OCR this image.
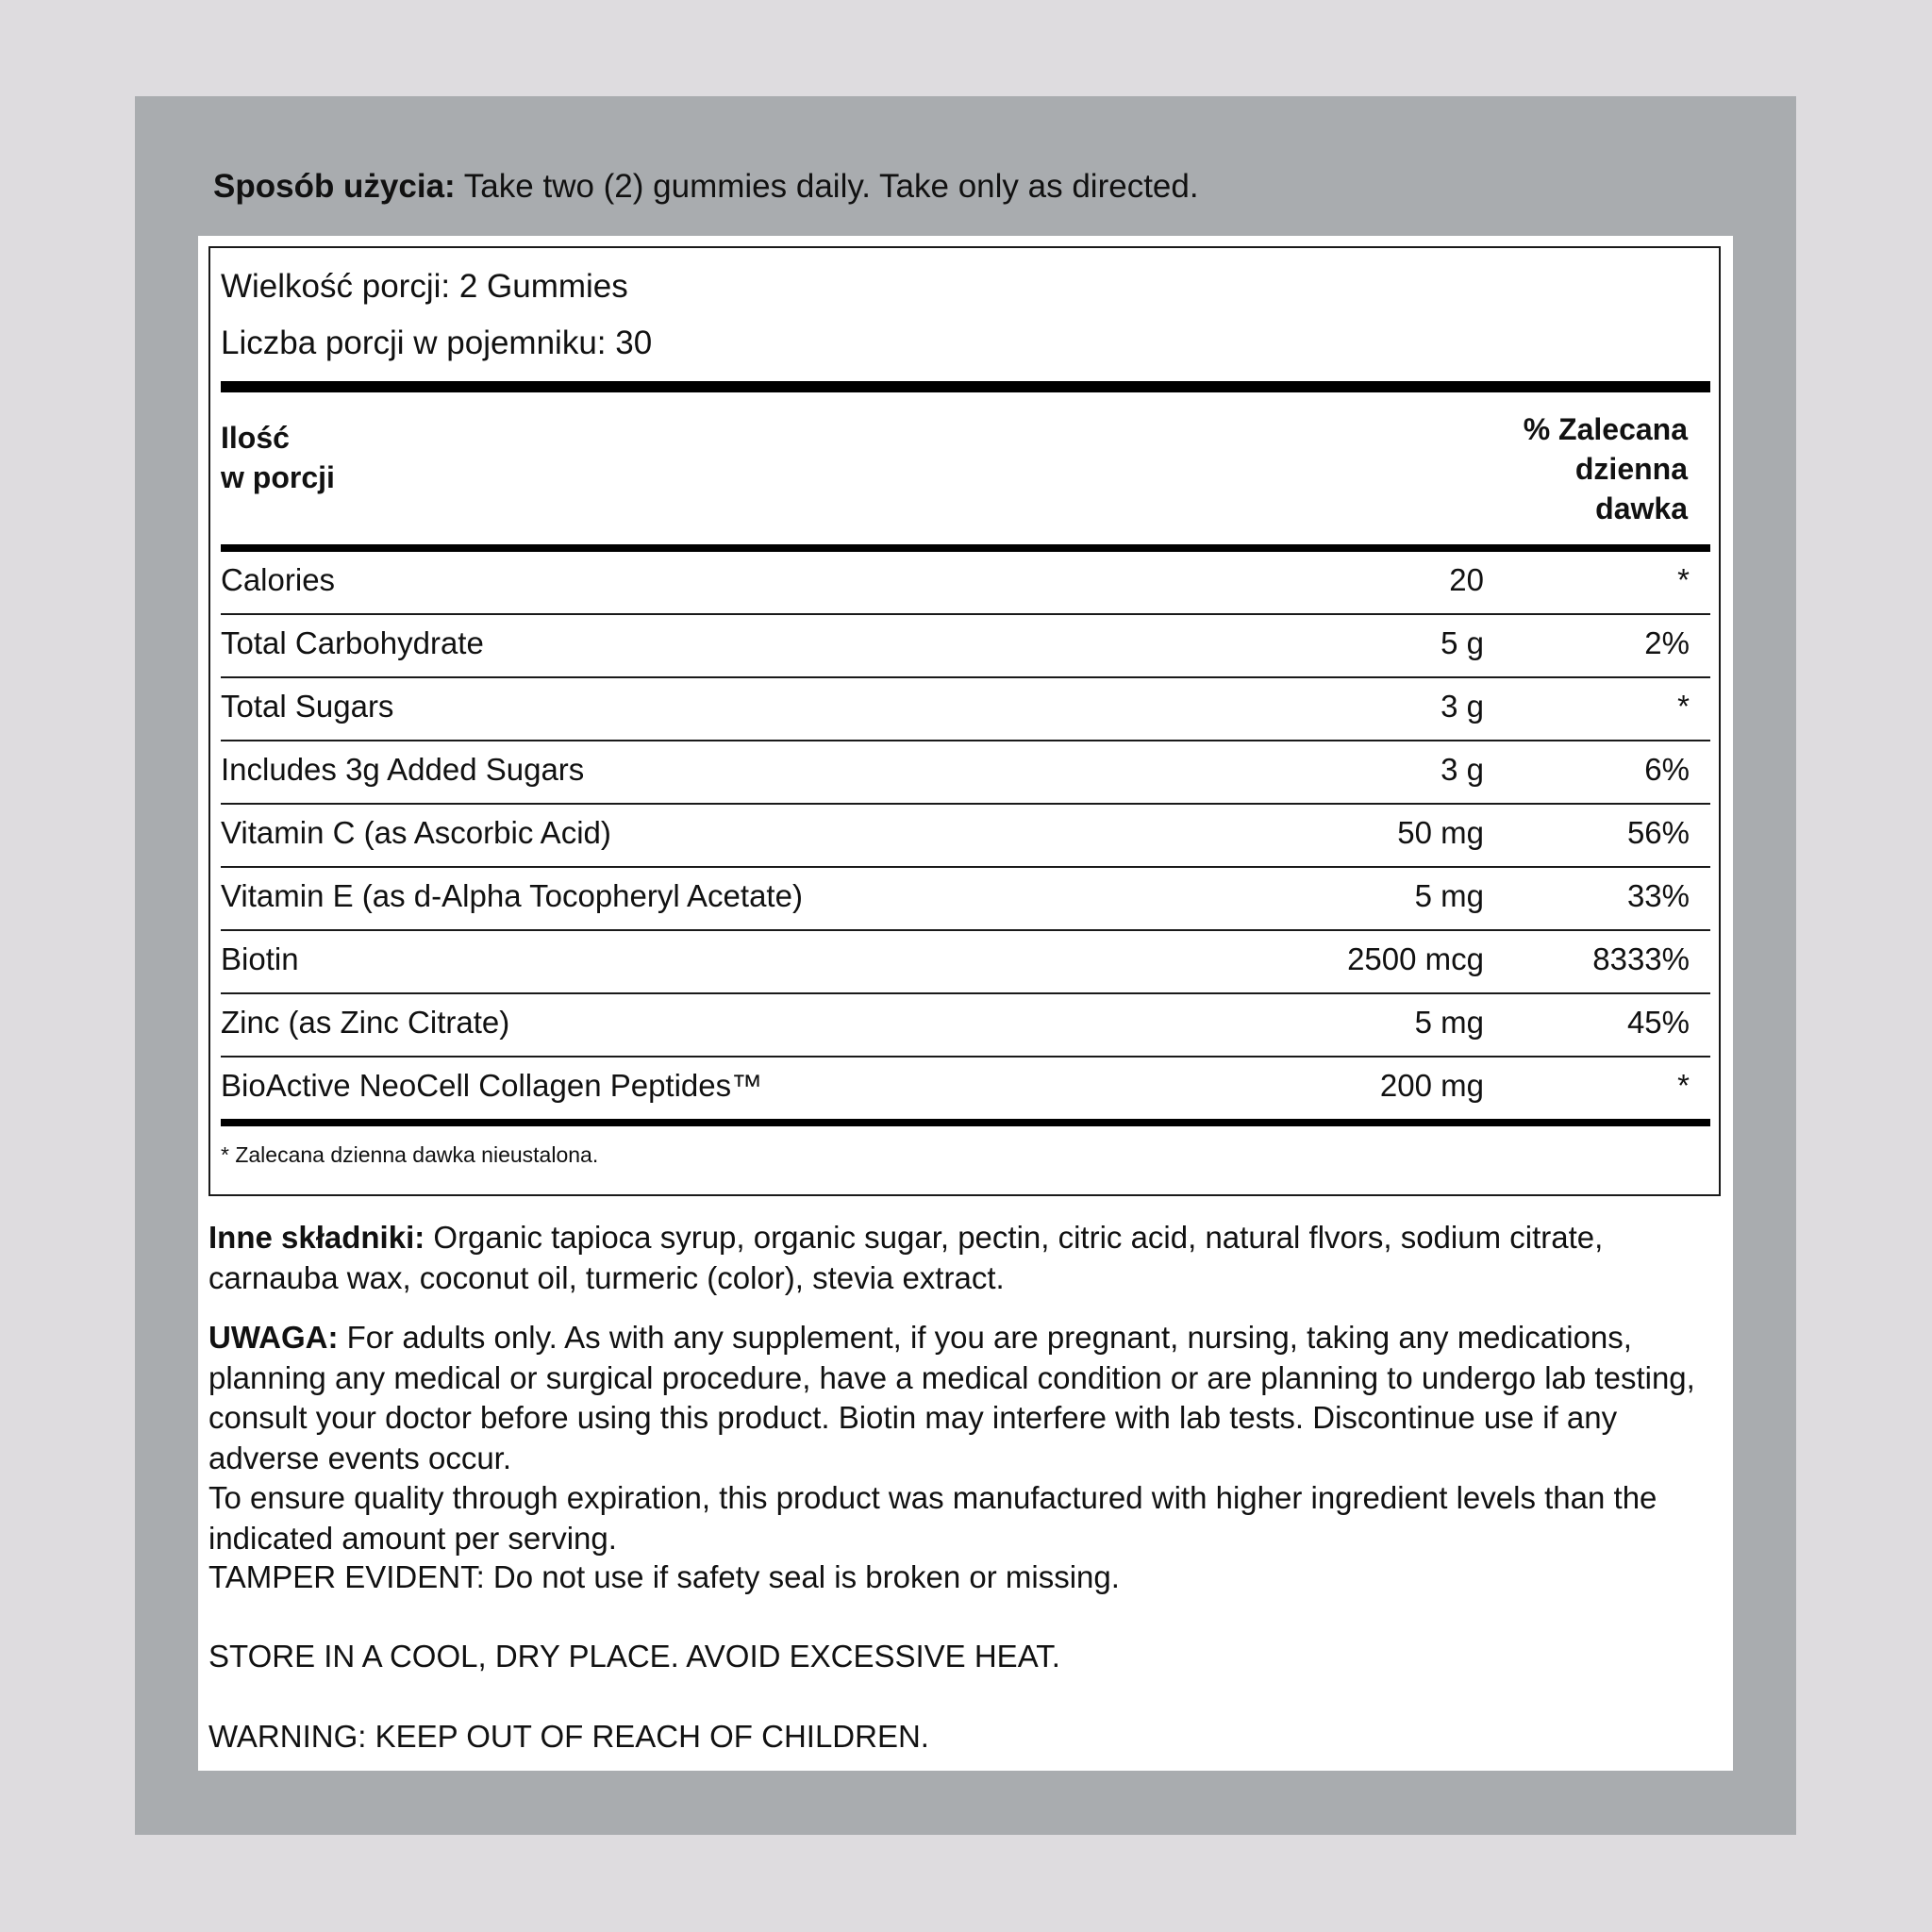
Sposób użycia: Take two (2) gummies daily. Take only as directed.
Wielkość porcji: 2 Gummies
Liczba porcji w pojemniku: 30
Ilość
w porcji
% Zalecana
dzienna
dawka
Calories	20	*
Total Carbohydrate	5 g	2%
Total Sugars	3 g	*
Includes 3g Added Sugars	3 g	6%
Vitamin C (as Ascorbic Acid)	50 mg	56%
Vitamin E (as d-Alpha Tocopheryl Acetate)	5 mg	33%
Biotin	2500 mcg	8333%
Zinc (as Zinc Citrate)	5 mg	45%
BioActive NeoCell Collagen Peptides™	200 mg	*
* Zalecana dzienna dawka nieustalona.

Inne składniki: Organic tapioca syrup, organic sugar, pectin, citric acid, natural flvors, sodium citrate, carnauba wax, coconut oil, turmeric (color), stevia extract.

UWAGA: For adults only. As with any supplement, if you are pregnant, nursing, taking any medications, planning any medical or surgical procedure, have a medical condition or are planning to undergo lab testing, consult your doctor before using this product. Biotin may interfere with lab tests. Discontinue use if any adverse events occur.

To ensure quality through expiration, this product was manufactured with higher ingredient levels than the indicated amount per serving.

TAMPER EVIDENT: Do not use if safety seal is broken or missing.
STORE IN A COOL, DRY PLACE. AVOID EXCESSIVE HEAT.
WARNING: KEEP OUT OF REACH OF CHILDREN.
